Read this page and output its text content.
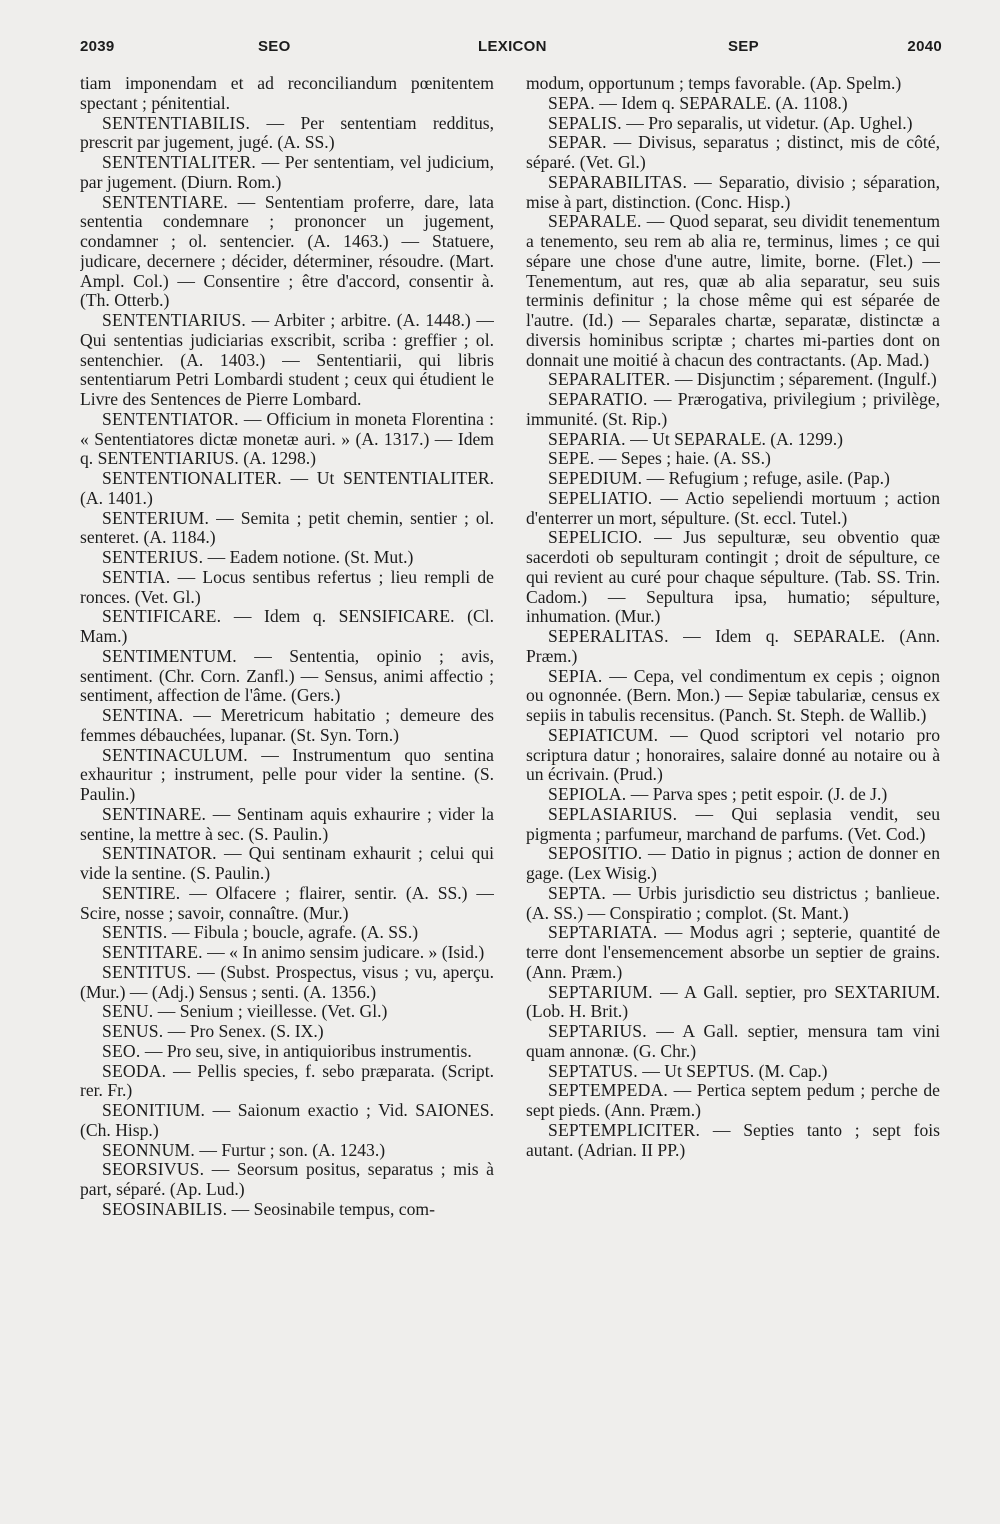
2039	SEO	LEXICON	SEP	2040

tiam imponendam et ad reconciliandum pœnitentem spectant ; pénitential.

SENTENTIABILIS. — Per sententiam redditus, prescrit par jugement, jugé. (A. SS.)

SENTENTIALITER. — Per sententiam, vel judicium, par jugement. (Diurn. Rom.)

SENTENTIARE. — Sententiam proferre, dare, lata sententia condemnare ; prononcer un jugement, condamner ; ol. sentencier. (A. 1463.) — Statuere, judicare, decernere ; décider, déterminer, résoudre. (Mart. Ampl. Col.) — Consentire ; être d'accord, consentir à. (Th. Otterb.)

SENTENTIARIUS. — Arbiter ; arbitre. (A. 1448.) — Qui sententias judiciarias exscribit, scriba : greffier ; ol. sentenchier. (A. 1403.) — Sententiarii, qui libris sententiarum Petri Lombardi student ; ceux qui étudient le Livre des Sentences de Pierre Lombard.

SENTENTIATOR. — Officium in moneta Florentina : « Sententiatores dictæ monetæ auri. » (A. 1317.) — Idem q. SENTENTIARIUS. (A. 1298.)

SENTENTIONALITER. — Ut SENTENTIALITER. (A. 1401.)

SENTERIUM. — Semita ; petit chemin, sentier ; ol. senteret. (A. 1184.)

SENTERIUS. — Eadem notione. (St. Mut.)

SENTIA. — Locus sentibus refertus ; lieu rempli de ronces. (Vet. Gl.)

SENTIFICARE. — Idem q. SENSIFICARE. (Cl. Mam.)

SENTIMENTUM. — Sententia, opinio ; avis, sentiment. (Chr. Corn. Zanfl.) — Sensus, animi affectio ; sentiment, affection de l'âme. (Gers.)

SENTINA. — Meretricum habitatio ; demeure des femmes débauchées, lupanar. (St. Syn. Torn.)

SENTINACULUM. — Instrumentum quo sentina exhauritur ; instrument, pelle pour vider la sentine. (S. Paulin.)

SENTINARE. — Sentinam aquis exhaurire ; vider la sentine, la mettre à sec. (S. Paulin.)

SENTINATOR. — Qui sentinam exhaurit ; celui qui vide la sentine. (S. Paulin.)

SENTIRE. — Olfacere ; flairer, sentir. (A. SS.) — Scire, nosse ; savoir, connaître. (Mur.)

SENTIS. — Fibula ; boucle, agrafe. (A. SS.)

SENTITARE. — « In animo sensim judicare. » (Isid.)

SENTITUS. — (Subst. Prospectus, visus ; vu, aperçu. (Mur.) — (Adj.) Sensus ; senti. (A. 1356.)

SENU. — Senium ; vieillesse. (Vet. Gl.)

SENUS. — Pro Senex. (S. IX.)

SEO. — Pro seu, sive, in antiquioribus instrumentis.

SEODA. — Pellis species, f. sebo præparata. (Script. rer. Fr.)

SEONITIUM. — Saionum exactio ; Vid. SAIONES. (Ch. Hisp.)

SEONNUM. — Furtur ; son. (A. 1243.)

SEORSIVUS. — Seorsum positus, separatus ; mis à part, séparé. (Ap. Lud.)

SEOSINABILIS. — Seosinabile tempus, com-

modum, opportunum ; temps favorable. (Ap. Spelm.)

SEPA. — Idem q. SEPARALE. (A. 1108.)

SEPALIS. — Pro separalis, ut videtur. (Ap. Ughel.)

SEPAR. — Divisus, separatus ; distinct, mis de côté, séparé. (Vet. Gl.)

SEPARABILITAS. — Separatio, divisio ; séparation, mise à part, distinction. (Conc. Hisp.)

SEPARALE. — Quod separat, seu dividit tenementum a tenemento, seu rem ab alia re, terminus, limes ; ce qui sépare une chose d'une autre, limite, borne. (Flet.) — Tenementum, aut res, quæ ab alia separatur, seu suis terminis definitur ; la chose même qui est séparée de l'autre. (Id.) — Separales chartæ, separatæ, distinctæ a diversis hominibus scriptæ ; chartes mi-parties dont on donnait une moitié à chacun des contractants. (Ap. Mad.)

SEPARALITER. — Disjunctim ; séparement. (Ingulf.)

SEPARATIO. — Prærogativa, privilegium ; privilège, immunité. (St. Rip.)

SEPARIA. — Ut SEPARALE. (A. 1299.)

SEPE. — Sepes ; haie. (A. SS.)

SEPEDIUM. — Refugium ; refuge, asile. (Pap.)

SEPELIATIO. — Actio sepeliendi mortuum ; action d'enterrer un mort, sépulture. (St. eccl. Tutel.)

SEPELICIO. — Jus sepulturæ, seu obventio quæ sacerdoti ob sepulturam contingit ; droit de sépulture, ce qui revient au curé pour chaque sépulture. (Tab. SS. Trin. Cadom.) — Sepultura ipsa, humatio; sépulture, inhumation. (Mur.)

SEPERALITAS. — Idem q. SEPARALE. (Ann. Præm.)

SEPIA. — Cepa, vel condimentum ex cepis ; oignon ou ognonnée. (Bern. Mon.) — Sepiæ tabulariæ, census ex sepiis in tabulis recensitus. (Panch. St. Steph. de Wallib.)

SEPIATICUM. — Quod scriptori vel notario pro scriptura datur ; honoraires, salaire donné au notaire ou à un écrivain. (Prud.)

SEPIOLA. — Parva spes ; petit espoir. (J. de J.)

SEPLASIARIUS. — Qui seplasia vendit, seu pigmenta ; parfumeur, marchand de parfums. (Vet. Cod.)

SEPOSITIO. — Datio in pignus ; action de donner en gage. (Lex Wisig.)

SEPTA. — Urbis jurisdictio seu districtus ; banlieue. (A. SS.) — Conspiratio ; complot. (St. Mant.)

SEPTARIATA. — Modus agri ; septerie, quantité de terre dont l'ensemencement absorbe un septier de grains. (Ann. Præm.)

SEPTARIUM. — A Gall. septier, pro SEXTARIUM. (Lob. H. Brit.)

SEPTARIUS. — A Gall. septier, mensura tam vini quam annonæ. (G. Chr.)

SEPTATUS. — Ut SEPTUS. (M. Cap.)

SEPTEMPEDA. — Pertica septem pedum ; perche de sept pieds. (Ann. Præm.)

SEPTEMPLICITER. — Septies tanto ; sept fois autant. (Adrian. II PP.)
